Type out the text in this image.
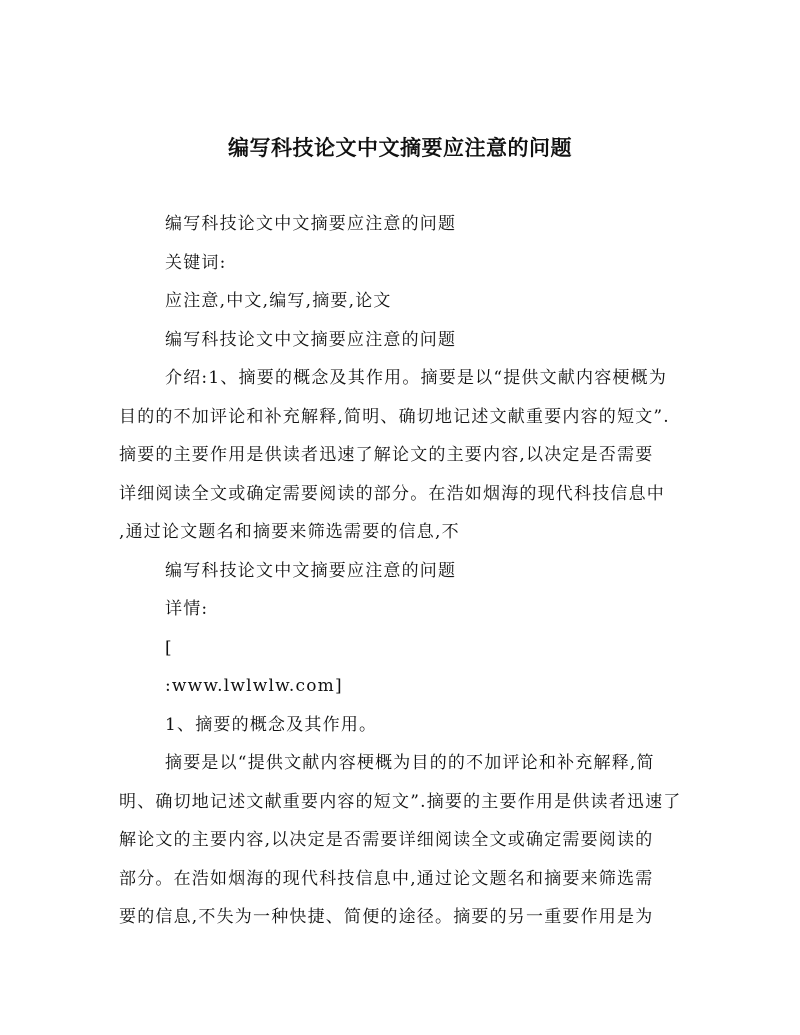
编写科技论文中文摘要应注意的问题
编写科技论文中文摘要应注意的问题
关键词:
应注意,中文,编写,摘要,论文
编写科技论文中文摘要应注意的问题
介绍:1、摘要的概念及其作用。摘要是以“提供文献内容梗概为
目的的不加评论和补充解释,简明、确切地记述文献重要内容的短文”.
摘要的主要作用是供读者迅速了解论文的主要内容,以决定是否需要
详细阅读全文或确定需要阅读的部分。在浩如烟海的现代科技信息中
,通过论文题名和摘要来筛选需要的信息,不
编写科技论文中文摘要应注意的问题
详情:
[
:www.lwlwlw.com]
1、摘要的概念及其作用。
摘要是以“提供文献内容梗概为目的的不加评论和补充解释,简
明、确切地记述文献重要内容的短文”.摘要的主要作用是供读者迅速了
解论文的主要内容,以决定是否需要详细阅读全文或确定需要阅读的
部分。在浩如烟海的现代科技信息中,通过论文题名和摘要来筛选需
要的信息,不失为一种快捷、简便的途径。摘要的另一重要作用是为
